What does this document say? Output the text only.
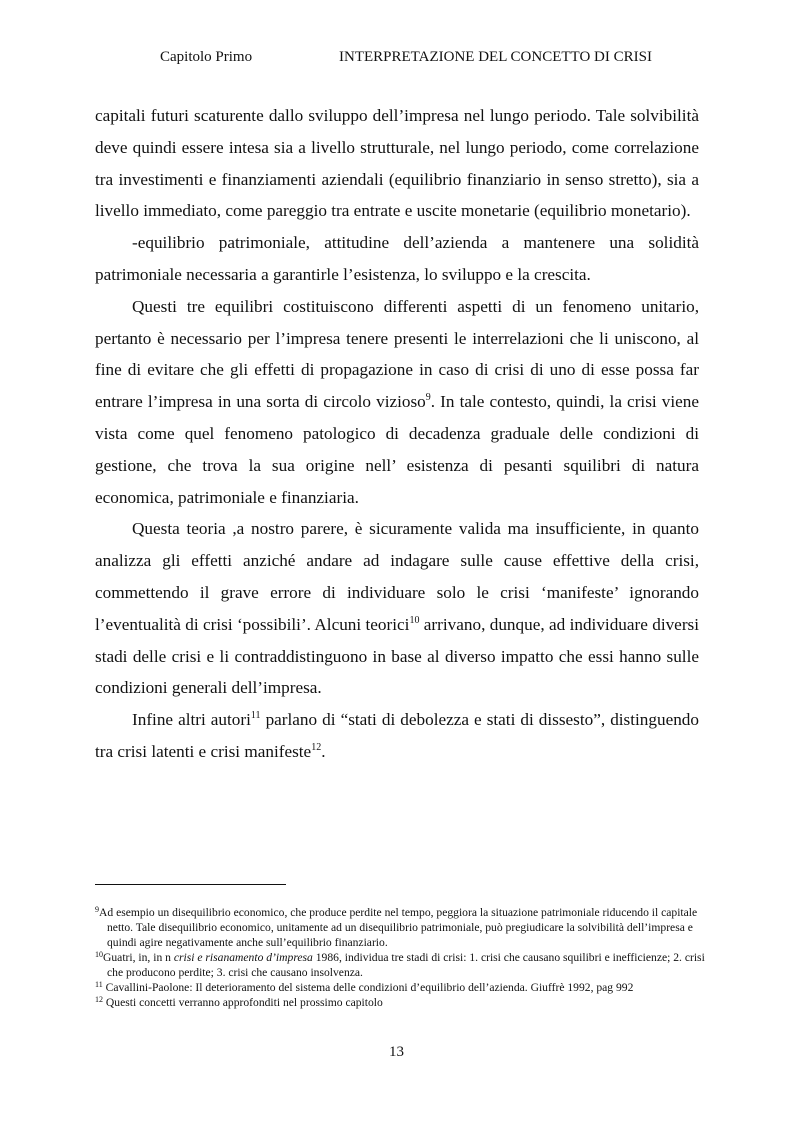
Capitolo Primo	INTERPRETAZIONE DEL CONCETTO DI CRISI

capitali futuri scaturente dallo sviluppo dell’impresa nel lungo periodo. Tale solvibilità deve quindi essere intesa sia a livello strutturale, nel lungo periodo, come correlazione tra investimenti e finanziamenti aziendali (equilibrio finanziario in senso stretto), sia a livello immediato, come pareggio tra entrate e uscite monetarie (equilibrio monetario).

-equilibrio patrimoniale, attitudine dell’azienda a mantenere una solidità patrimoniale necessaria a garantirle l’esistenza, lo sviluppo e la crescita.

Questi tre equilibri costituiscono differenti aspetti di un fenomeno unitario, pertanto è necessario per l’impresa tenere presenti le interrelazioni che li uniscono, al fine di evitare che gli effetti di propagazione in caso di crisi di uno di esse possa far entrare l’impresa in una sorta di circolo vizioso$^9$. In tale contesto, quindi, la crisi viene vista come quel fenomeno patologico di decadenza graduale delle condizioni di gestione, che trova la sua origine nell’ esistenza di pesanti squilibri di natura economica, patrimoniale e finanziaria.

Questa teoria ,a nostro parere, è sicuramente valida ma insufficiente, in quanto analizza gli effetti anziché andare ad indagare sulle cause effettive della crisi, commettendo il grave errore di individuare solo le crisi ‘manifeste’ ignorando l’eventualità di crisi ‘possibili’. Alcuni teorici$^{10}$ arrivano, dunque, ad individuare diversi stadi delle crisi e li contraddistinguono in base al diverso impatto che essi hanno sulle condizioni generali dell’impresa.

Infine altri autori$^{11}$ parlano di “stati di debolezza e stati di dissesto”, distinguendo tra crisi latenti e crisi manifeste$^{12}$.

$^9$Ad esempio un disequilibrio economico, che produce perdite nel tempo, peggiora la situazione patrimoniale riducendo il capitale netto. Tale disequilibrio economico, unitamente ad un disequilibrio patrimoniale, può pregiudicare la solvibilità dell’impresa e quindi agire negativamente anche sull’equilibrio finanziario.

$^{10}$Guatri, in, in n crisi e risanamento d’impresa 1986, individua tre stadi di crisi: 1. crisi che causano squilibri e inefficienze; 2. crisi che producono perdite; 3. crisi che causano insolvenza.

$^{11}$ Cavallini-Paolone: Il deterioramento del sistema delle condizioni d’equilibrio dell’azienda. Giuffrè 1992, pag 992

$^{12}$ Questi concetti verranno approfonditi nel prossimo capitolo

13
